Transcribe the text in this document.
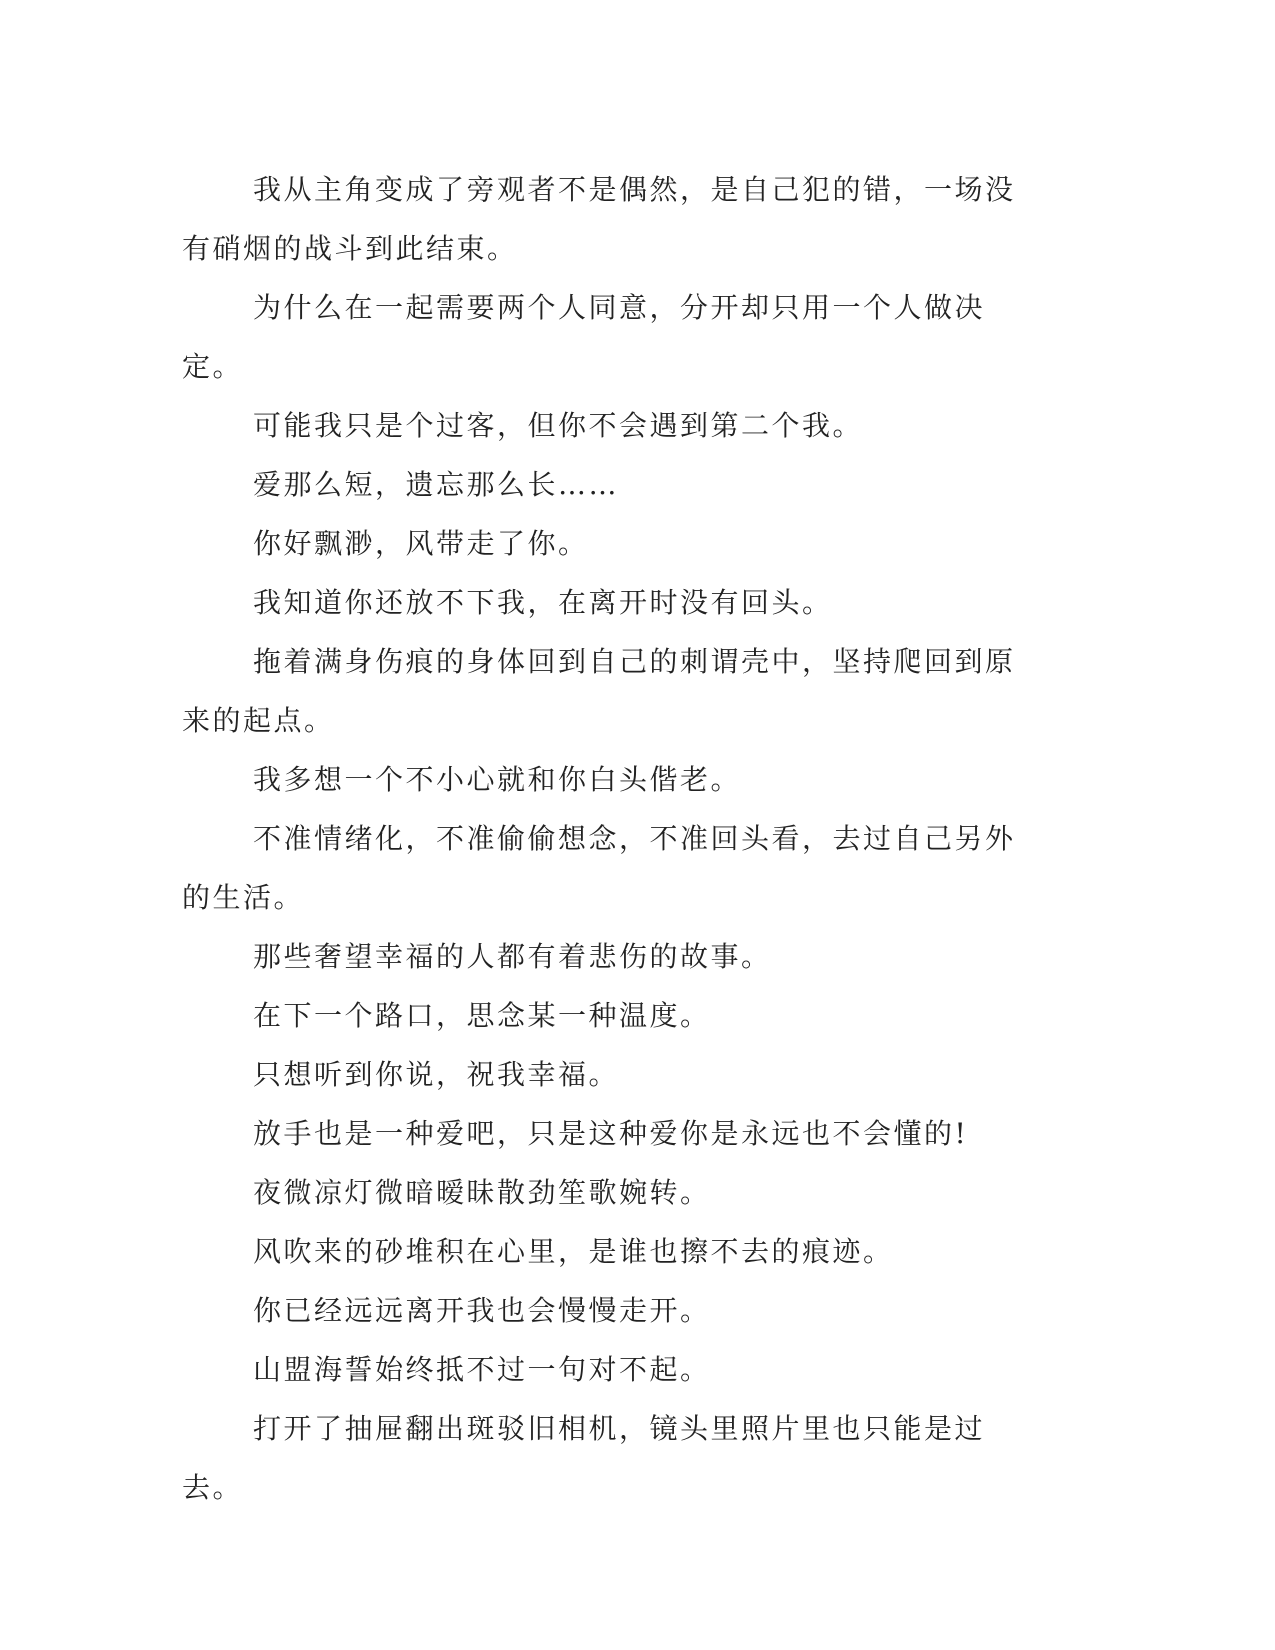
我从主角变成了旁观者不是偶然，是自己犯的错，一场没有硝烟的战斗到此结束。

为什么在一起需要两个人同意，分开却只用一个人做决定。

可能我只是个过客，但你不会遇到第二个我。

爱那么短，遗忘那么长……

你好飘渺，风带走了你。

我知道你还放不下我，在离开时没有回头。

拖着满身伤痕的身体回到自己的刺谓壳中，坚持爬回到原来的起点。

我多想一个不小心就和你白头偕老。

不准情绪化，不准偷偷想念，不准回头看，去过自己另外的生活。

那些奢望幸福的人都有着悲伤的故事。

在下一个路口，思念某一种温度。

只想听到你说，祝我幸福。

放手也是一种爱吧，只是这种爱你是永远也不会懂的!

夜微凉灯微暗暧昧散劲笙歌婉转。

风吹来的砂堆积在心里，是谁也擦不去的痕迹。

你已经远远离开我也会慢慢走开。

山盟海誓始终抵不过一句对不起。

打开了抽屉翻出斑驳旧相机，镜头里照片里也只能是过去。
